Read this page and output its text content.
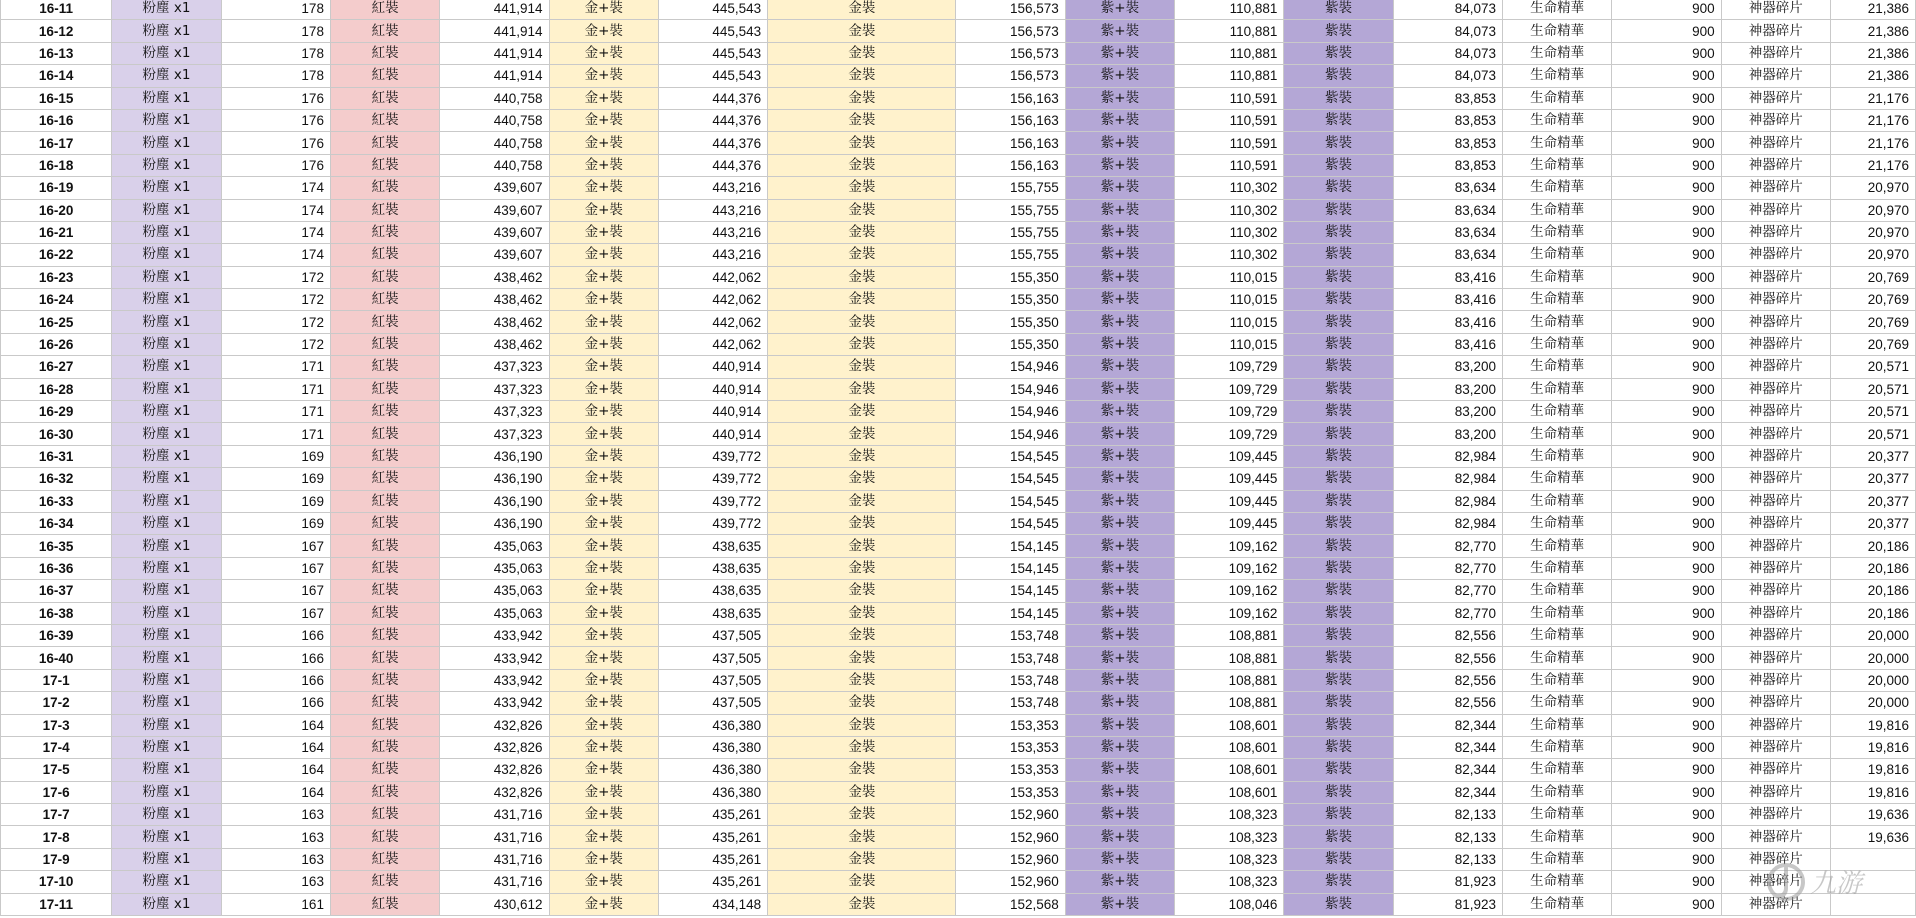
16-11	粉塵 x1	178	紅裝	441,914	金+裝	445,543	金裝	156,573	紫+裝	110,881	紫裝	84,073	生命精華	900	神器碎片	21,386
16-12	粉塵 x1	178	紅裝	441,914	金+裝	445,543	金裝	156,573	紫+裝	110,881	紫裝	84,073	生命精華	900	神器碎片	21,386
16-13	粉塵 x1	178	紅裝	441,914	金+裝	445,543	金裝	156,573	紫+裝	110,881	紫裝	84,073	生命精華	900	神器碎片	21,386
16-14	粉塵 x1	178	紅裝	441,914	金+裝	445,543	金裝	156,573	紫+裝	110,881	紫裝	84,073	生命精華	900	神器碎片	21,386
16-15	粉塵 x1	176	紅裝	440,758	金+裝	444,376	金裝	156,163	紫+裝	110,591	紫裝	83,853	生命精華	900	神器碎片	21,176
16-16	粉塵 x1	176	紅裝	440,758	金+裝	444,376	金裝	156,163	紫+裝	110,591	紫裝	83,853	生命精華	900	神器碎片	21,176
16-17	粉塵 x1	176	紅裝	440,758	金+裝	444,376	金裝	156,163	紫+裝	110,591	紫裝	83,853	生命精華	900	神器碎片	21,176
16-18	粉塵 x1	176	紅裝	440,758	金+裝	444,376	金裝	156,163	紫+裝	110,591	紫裝	83,853	生命精華	900	神器碎片	21,176
16-19	粉塵 x1	174	紅裝	439,607	金+裝	443,216	金裝	155,755	紫+裝	110,302	紫裝	83,634	生命精華	900	神器碎片	20,970
16-20	粉塵 x1	174	紅裝	439,607	金+裝	443,216	金裝	155,755	紫+裝	110,302	紫裝	83,634	生命精華	900	神器碎片	20,970
16-21	粉塵 x1	174	紅裝	439,607	金+裝	443,216	金裝	155,755	紫+裝	110,302	紫裝	83,634	生命精華	900	神器碎片	20,970
16-22	粉塵 x1	174	紅裝	439,607	金+裝	443,216	金裝	155,755	紫+裝	110,302	紫裝	83,634	生命精華	900	神器碎片	20,970
16-23	粉塵 x1	172	紅裝	438,462	金+裝	442,062	金裝	155,350	紫+裝	110,015	紫裝	83,416	生命精華	900	神器碎片	20,769
16-24	粉塵 x1	172	紅裝	438,462	金+裝	442,062	金裝	155,350	紫+裝	110,015	紫裝	83,416	生命精華	900	神器碎片	20,769
16-25	粉塵 x1	172	紅裝	438,462	金+裝	442,062	金裝	155,350	紫+裝	110,015	紫裝	83,416	生命精華	900	神器碎片	20,769
16-26	粉塵 x1	172	紅裝	438,462	金+裝	442,062	金裝	155,350	紫+裝	110,015	紫裝	83,416	生命精華	900	神器碎片	20,769
16-27	粉塵 x1	171	紅裝	437,323	金+裝	440,914	金裝	154,946	紫+裝	109,729	紫裝	83,200	生命精華	900	神器碎片	20,571
16-28	粉塵 x1	171	紅裝	437,323	金+裝	440,914	金裝	154,946	紫+裝	109,729	紫裝	83,200	生命精華	900	神器碎片	20,571
16-29	粉塵 x1	171	紅裝	437,323	金+裝	440,914	金裝	154,946	紫+裝	109,729	紫裝	83,200	生命精華	900	神器碎片	20,571
16-30	粉塵 x1	171	紅裝	437,323	金+裝	440,914	金裝	154,946	紫+裝	109,729	紫裝	83,200	生命精華	900	神器碎片	20,571
16-31	粉塵 x1	169	紅裝	436,190	金+裝	439,772	金裝	154,545	紫+裝	109,445	紫裝	82,984	生命精華	900	神器碎片	20,377
16-32	粉塵 x1	169	紅裝	436,190	金+裝	439,772	金裝	154,545	紫+裝	109,445	紫裝	82,984	生命精華	900	神器碎片	20,377
16-33	粉塵 x1	169	紅裝	436,190	金+裝	439,772	金裝	154,545	紫+裝	109,445	紫裝	82,984	生命精華	900	神器碎片	20,377
16-34	粉塵 x1	169	紅裝	436,190	金+裝	439,772	金裝	154,545	紫+裝	109,445	紫裝	82,984	生命精華	900	神器碎片	20,377
16-35	粉塵 x1	167	紅裝	435,063	金+裝	438,635	金裝	154,145	紫+裝	109,162	紫裝	82,770	生命精華	900	神器碎片	20,186
16-36	粉塵 x1	167	紅裝	435,063	金+裝	438,635	金裝	154,145	紫+裝	109,162	紫裝	82,770	生命精華	900	神器碎片	20,186
16-37	粉塵 x1	167	紅裝	435,063	金+裝	438,635	金裝	154,145	紫+裝	109,162	紫裝	82,770	生命精華	900	神器碎片	20,186
16-38	粉塵 x1	167	紅裝	435,063	金+裝	438,635	金裝	154,145	紫+裝	109,162	紫裝	82,770	生命精華	900	神器碎片	20,186
16-39	粉塵 x1	166	紅裝	433,942	金+裝	437,505	金裝	153,748	紫+裝	108,881	紫裝	82,556	生命精華	900	神器碎片	20,000
16-40	粉塵 x1	166	紅裝	433,942	金+裝	437,505	金裝	153,748	紫+裝	108,881	紫裝	82,556	生命精華	900	神器碎片	20,000
17-1	粉塵 x1	166	紅裝	433,942	金+裝	437,505	金裝	153,748	紫+裝	108,881	紫裝	82,556	生命精華	900	神器碎片	20,000
17-2	粉塵 x1	166	紅裝	433,942	金+裝	437,505	金裝	153,748	紫+裝	108,881	紫裝	82,556	生命精華	900	神器碎片	20,000
17-3	粉塵 x1	164	紅裝	432,826	金+裝	436,380	金裝	153,353	紫+裝	108,601	紫裝	82,344	生命精華	900	神器碎片	19,816
17-4	粉塵 x1	164	紅裝	432,826	金+裝	436,380	金裝	153,353	紫+裝	108,601	紫裝	82,344	生命精華	900	神器碎片	19,816
17-5	粉塵 x1	164	紅裝	432,826	金+裝	436,380	金裝	153,353	紫+裝	108,601	紫裝	82,344	生命精華	900	神器碎片	19,816
17-6	粉塵 x1	164	紅裝	432,826	金+裝	436,380	金裝	153,353	紫+裝	108,601	紫裝	82,344	生命精華	900	神器碎片	19,816
17-7	粉塵 x1	163	紅裝	431,716	金+裝	435,261	金裝	152,960	紫+裝	108,323	紫裝	82,133	生命精華	900	神器碎片	19,636
17-8	粉塵 x1	163	紅裝	431,716	金+裝	435,261	金裝	152,960	紫+裝	108,323	紫裝	82,133	生命精華	900	神器碎片	19,636
17-9	粉塵 x1	163	紅裝	431,716	金+裝	435,261	金裝	152,960	紫+裝	108,323	紫裝	82,133	生命精華	900	神器碎片	
17-10	粉塵 x1	163	紅裝	431,716	金+裝	435,261	金裝	152,960	紫+裝	108,323	紫裝	81,923	生命精華	900	神器碎片	
17-11	粉塵 x1	161	紅裝	430,612	金+裝	434,148	金裝	152,568	紫+裝	108,046	紫裝	81,923	生命精華	900	神器碎片	
九游
